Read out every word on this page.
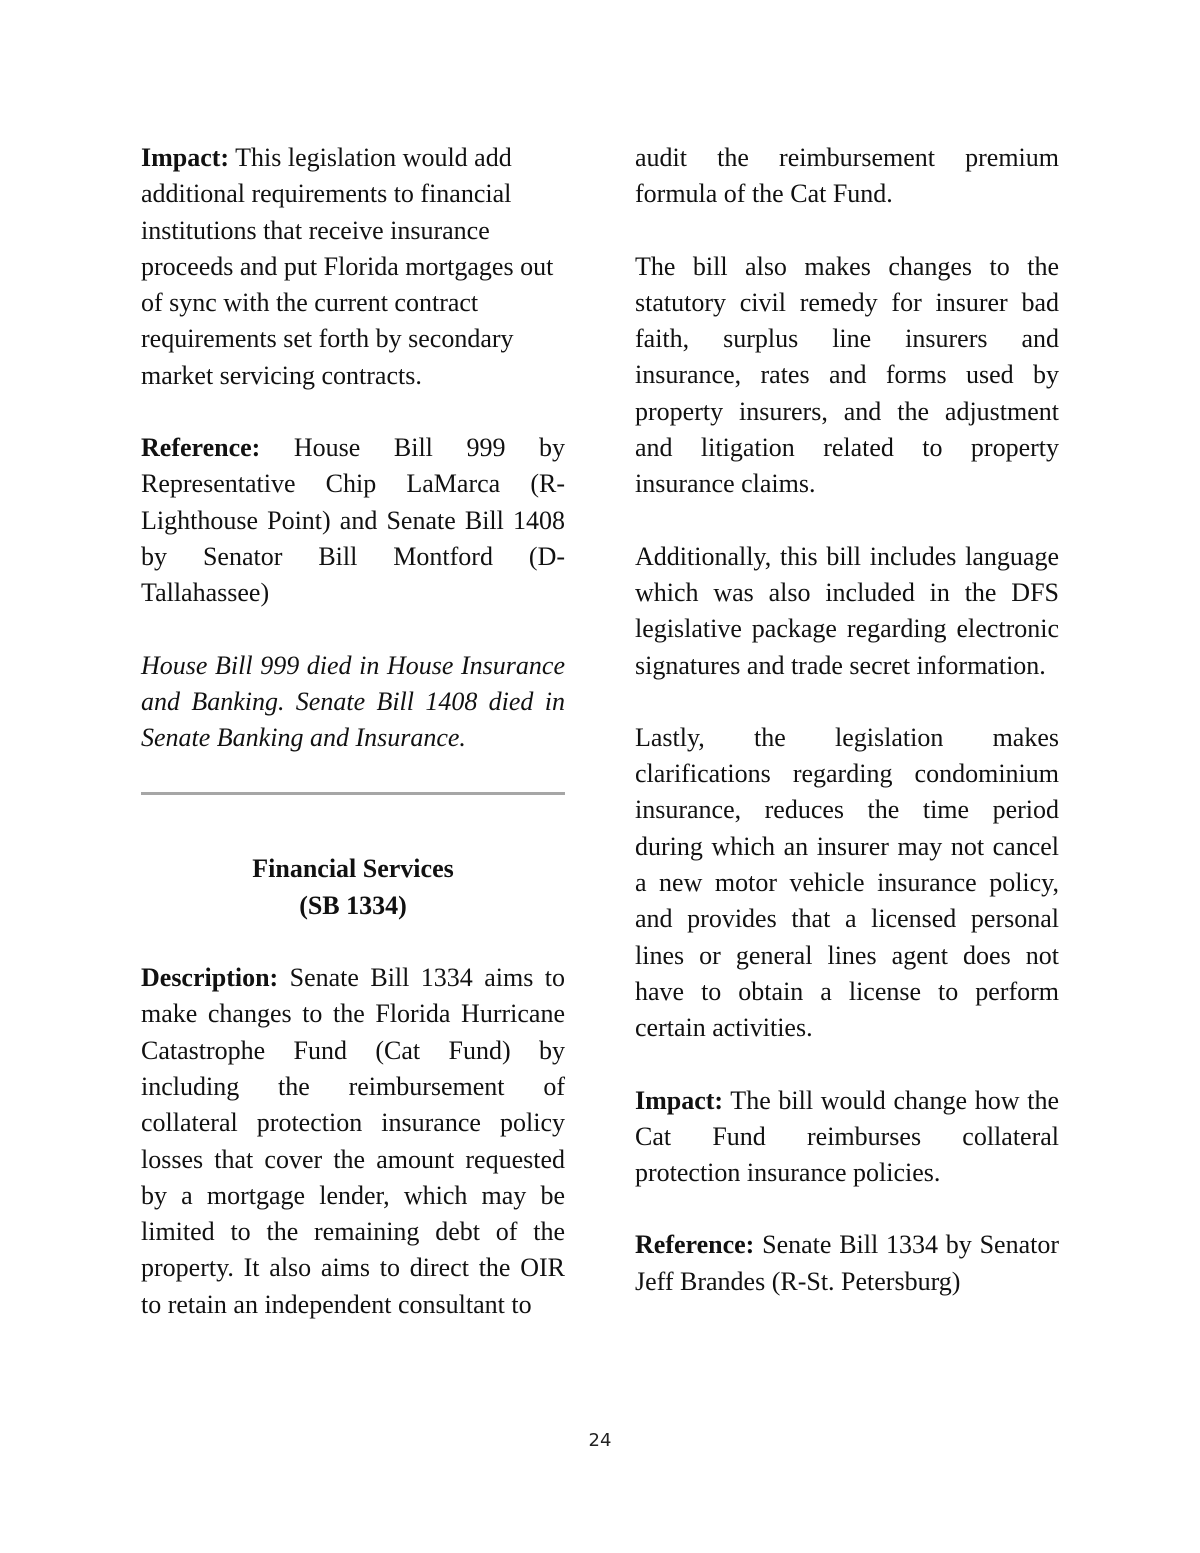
Impact: This legislation would add additional requirements to financial institutions that receive insurance proceeds and put Florida mortgages out of sync with the current contract requirements set forth by secondary market servicing contracts.

Reference: House Bill 999 by Representative Chip LaMarca (R-Lighthouse Point) and Senate Bill 1408 by Senator Bill Montford (D-Tallahassee)

House Bill 999 died in House Insurance and Banking. Senate Bill 1408 died in Senate Banking and Insurance.

Financial Services
(SB 1334)

Description: Senate Bill 1334 aims to make changes to the Florida Hurricane Catastrophe Fund (Cat Fund) by including the reimbursement of collateral protection insurance policy losses that cover the amount requested by a mortgage lender, which may be limited to the remaining debt of the property. It also aims to direct the OIR to retain an independent consultant to

audit the reimbursement premium formula of the Cat Fund.

The bill also makes changes to the statutory civil remedy for insurer bad faith, surplus line insurers and insurance, rates and forms used by property insurers, and the adjustment and litigation related to property insurance claims.

Additionally, this bill includes language which was also included in the DFS legislative package regarding electronic signatures and trade secret information.

Lastly, the legislation makes clarifications regarding condominium insurance, reduces the time period during which an insurer may not cancel a new motor vehicle insurance policy, and provides that a licensed personal lines or general lines agent does not have to obtain a license to perform certain activities.

Impact: The bill would change how the Cat Fund reimburses collateral protection insurance policies.

Reference: Senate Bill 1334 by Senator Jeff Brandes (R-St. Petersburg)

24
